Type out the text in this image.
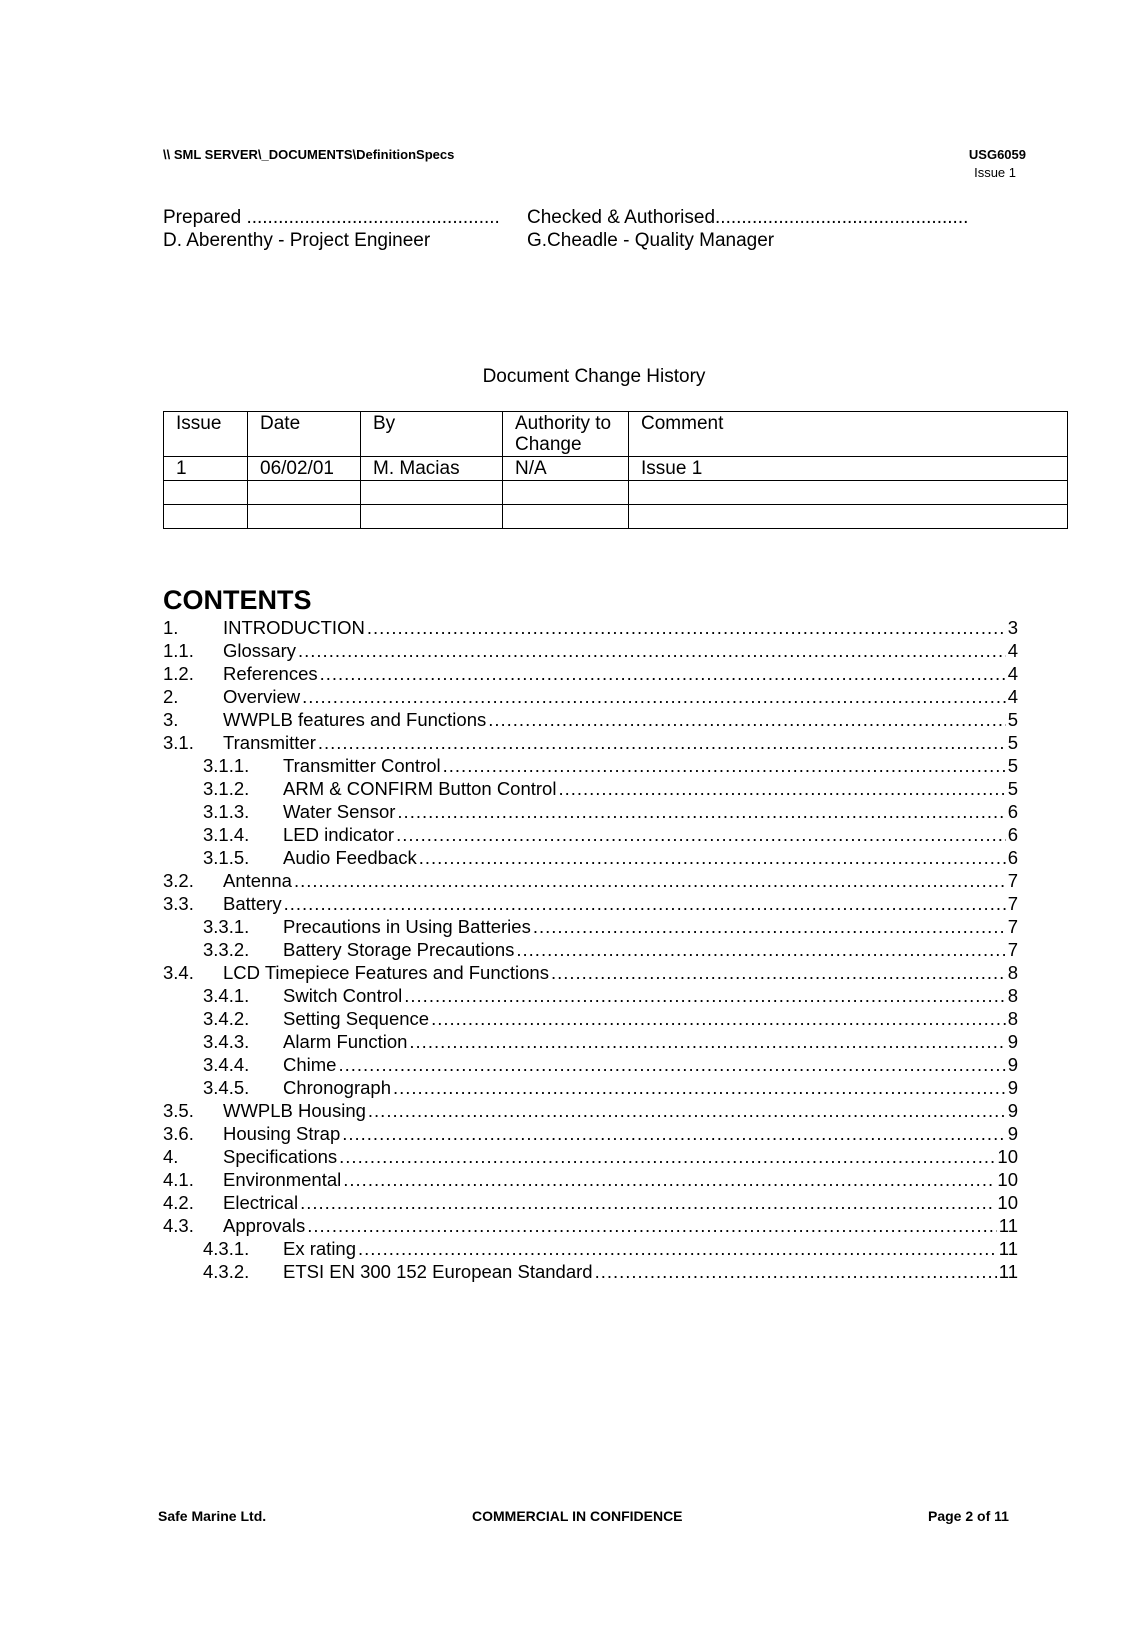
\\ SML SERVER\_DOCUMENTS\DefinitionSpecs	USG6059
Issue 1
Prepared ................................................
D. Aberenthy - Project Engineer
Checked & Authorised................................................
G.Cheadle - Quality Manager
Document Change History
Issue	Date	By	Authority to Change	Comment
1	06/02/01	M. Macias	N/A	Issue 1

CONTENTS
1.	INTRODUCTION .....	3
1.1.	Glossary .....	4
1.2.	References .....	4
2.	Overview .....	4
3.	WWPLB features and Functions .....	5
3.1.	Transmitter .....	5
3.1.1.	Transmitter Control .....	5
3.1.2.	ARM & CONFIRM Button Control .....	5
3.1.3.	Water Sensor .....	6
3.1.4.	LED indicator .....	6
3.1.5.	Audio Feedback .....	6
3.2.	Antenna .....	7
3.3.	Battery .....	7
3.3.1.	Precautions in Using Batteries .....	7
3.3.2.	Battery Storage Precautions .....	7
3.4.	LCD Timepiece Features and Functions .....	8
3.4.1.	Switch Control .....	8
3.4.2.	Setting Sequence .....	8
3.4.3.	Alarm Function .....	9
3.4.4.	Chime .....	9
3.4.5.	Chronograph .....	9
3.5.	WWPLB Housing .....	9
3.6.	Housing Strap .....	9
4.	Specifications .....	10
4.1.	Environmental .....	10
4.2.	Electrical .....	10
4.3.	Approvals .....	11
4.3.1.	Ex rating .....	11
4.3.2.	ETSI EN 300 152 European Standard .....	11
Safe Marine Ltd.	COMMERCIAL IN CONFIDENCE	Page 2 of 11
